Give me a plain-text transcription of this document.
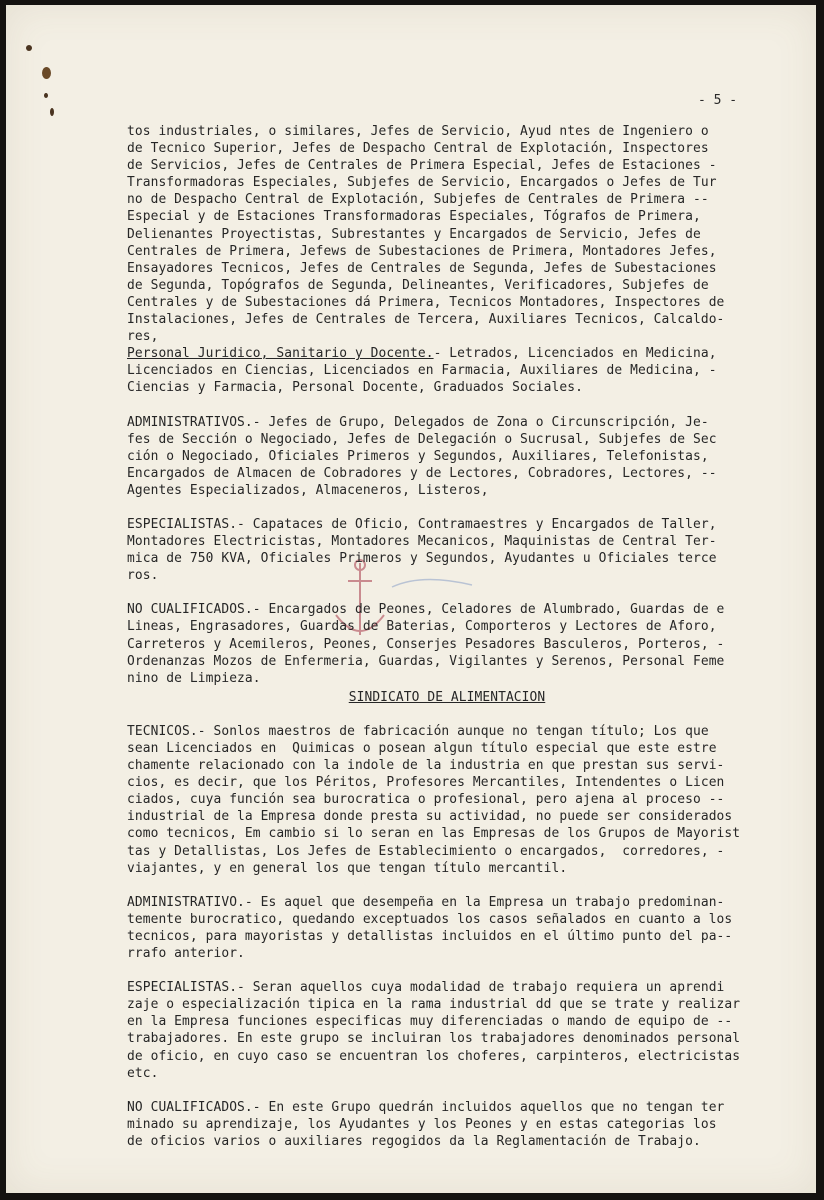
- 5 -
tos industriales, o similares, Jefes de Servicio, Ayud ntes de Ingeniero o
de Tecnico Superior, Jefes de Despacho Central de Explotación, Inspectores
de Servicios, Jefes de Centrales de Primera Especial, Jefes de Estaciones -
Transformadoras Especiales, Subjefes de Servicio, Encargados o Jefes de Tur
no de Despacho Central de Explotación, Subjefes de Centrales de Primera --
Especial y de Estaciones Transformadoras Especiales, Tógrafos de Primera,
Delienantes Proyectistas, Subrestantes y Encargados de Servicio, Jefes de
Centrales de Primera, Jefews de Subestaciones de Primera, Montadores Jefes,
Ensayadores Tecnicos, Jefes de Centrales de Segunda, Jefes de Subestaciones
de Segunda, Topógrafos de Segunda, Delineantes, Verificadores, Subjefes de
Centrales y de Subestaciones dá Primera, Tecnicos Montadores, Inspectores de
Instalaciones, Jefes de Centrales de Tercera, Auxiliares Tecnicos, Calcaldo-
res,
Personal Juridico, Sanitario y Docente.- Letrados, Licenciados en Medicina,
Licenciados en Ciencias, Licenciados en Farmacia, Auxiliares de Medicina, -
Ciencias y Farmacia, Personal Docente, Graduados Sociales.
ADMINISTRATIVOS.- Jefes de Grupo, Delegados de Zona o Circunscripción, Je-
fes de Sección o Negociado, Jefes de Delegación o Sucrusal, Subjefes de Sec
ción o Negociado, Oficiales Primeros y Segundos, Auxiliares, Telefonistas,
Encargados de Almacen de Cobradores y de Lectores, Cobradores, Lectores, --
Agentes Especializados, Almaceneros, Listeros,
ESPECIALISTAS.- Capataces de Oficio, Contramaestres y Encargados de Taller,
Montadores Electricistas, Montadores Mecanicos, Maquinistas de Central Ter-
mica de 750 KVA, Oficiales Primeros y Segundos, Ayudantes u Oficiales terce
ros.
NO CUALIFICADOS.- Encargados de Peones, Celadores de Alumbrado, Guardas de e
Lineas, Engrasadores, Guardas de Baterias, Comporteros y Lectores de Aforo,
Carreteros y Acemileros, Peones, Conserjes Pesadores Basculeros, Porteros, -
Ordenanzas Mozos de Enfermeria, Guardas, Vigilantes y Serenos, Personal Feme
nino de Limpieza.
SINDICATO DE ALIMENTACION
TECNICOS.- Sonlos maestros de fabricación aunque no tengan título; Los que
sean Licenciados en  Quimicas o posean algun título especial que este estre
chamente relacionado con la indole de la industria en que prestan sus servi-
cios, es decir, que los Péritos, Profesores Mercantiles, Intendentes o Licen
ciados, cuya función sea burocratica o profesional, pero ajena al proceso --
industrial de la Empresa donde presta su actividad, no puede ser considerados
como tecnicos, Em cambio si lo seran en las Empresas de los Grupos de Mayorist
tas y Detallistas, Los Jefes de Establecimiento o encargados,  corredores, -
viajantes, y en general los que tengan título mercantil.
ADMINISTRATIVO.- Es aquel que desempeña en la Empresa un trabajo predominan-
temente burocratico, quedando exceptuados los casos señalados en cuanto a los
tecnicos, para mayoristas y detallistas incluidos en el último punto del pa--
rrafo anterior.
ESPECIALISTAS.- Seran aquellos cuya modalidad de trabajo requiera un aprendi
zaje o especialización tipica en la rama industrial dd que se trate y realizar
en la Empresa funciones especificas muy diferenciadas o mando de equipo de --
trabajadores. En este grupo se incluiran los trabajadores denominados personal
de oficio, en cuyo caso se encuentran los choferes, carpinteros, electricistas
etc.
NO CUALIFICADOS.- En este Grupo quedrán incluidos aquellos que no tengan ter
minado su aprendizaje, los Ayudantes y los Peones y en estas categorias los
de oficios varios o auxiliares regogidos da la Reglamentación de Trabajo.
